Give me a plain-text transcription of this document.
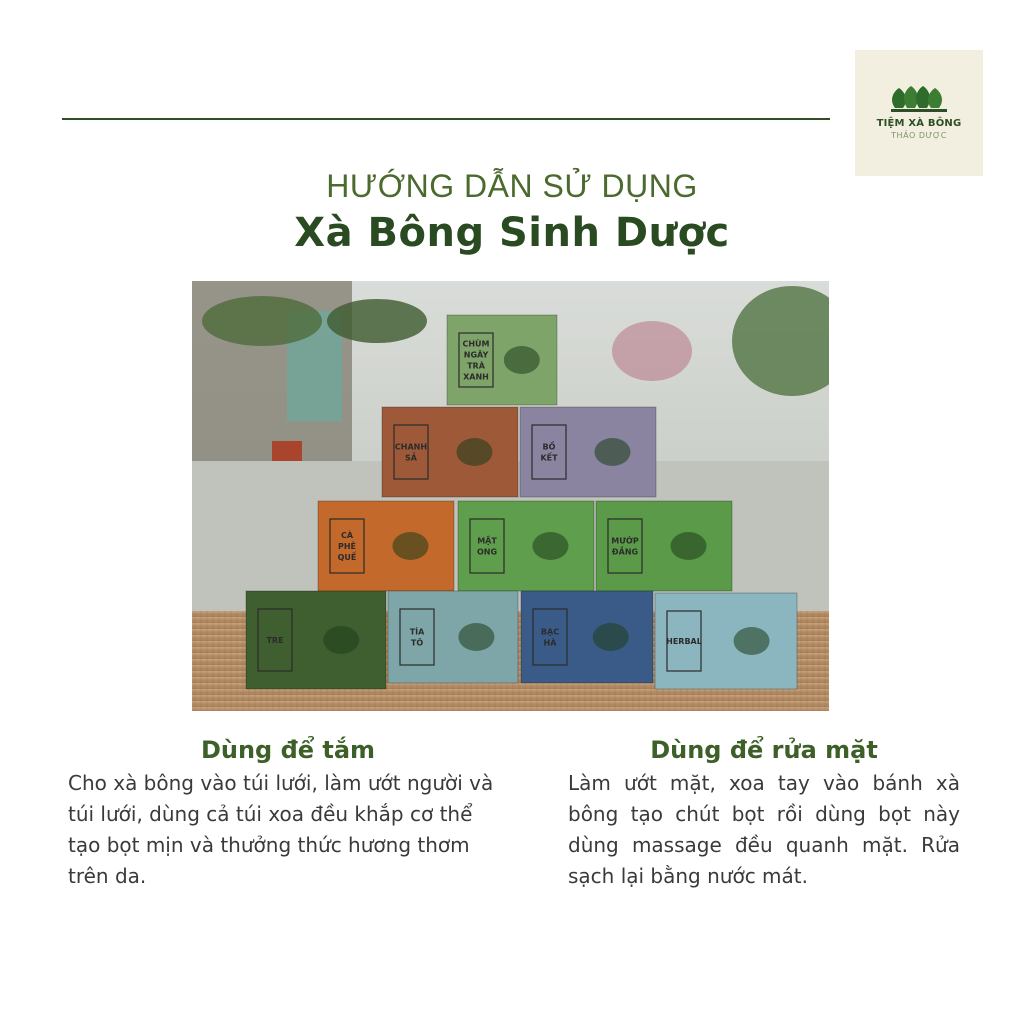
TIỆM XÀ BÔNG
THẢO DƯỢC
HƯỚNG DẪN SỬ DỤNG
Xà Bông Sinh Dược
CHÙM
NGÂY
TRÀ
XANH
CHANH
SẢ
BỒ
KẾT
CÀ
PHÊ
QUẾ
MẬT
ONG
MƯỚP
ĐẮNG
TRE
TÍA
TÔ
BẠC
HÀ	HERBAL
Dùng để tắm

Cho xà bông vào túi lưới, làm ướt người và túi lưới, dùng cả túi xoa đều khắp cơ thể tạo bọt mịn và thưởng thức hương thơm trên da.

Dùng để rửa mặt

Làm ướt mặt, xoa tay vào bánh xà bông tạo chút bọt rồi dùng bọt này dùng massage đều quanh mặt. Rửa sạch lại bằng nước mát.
